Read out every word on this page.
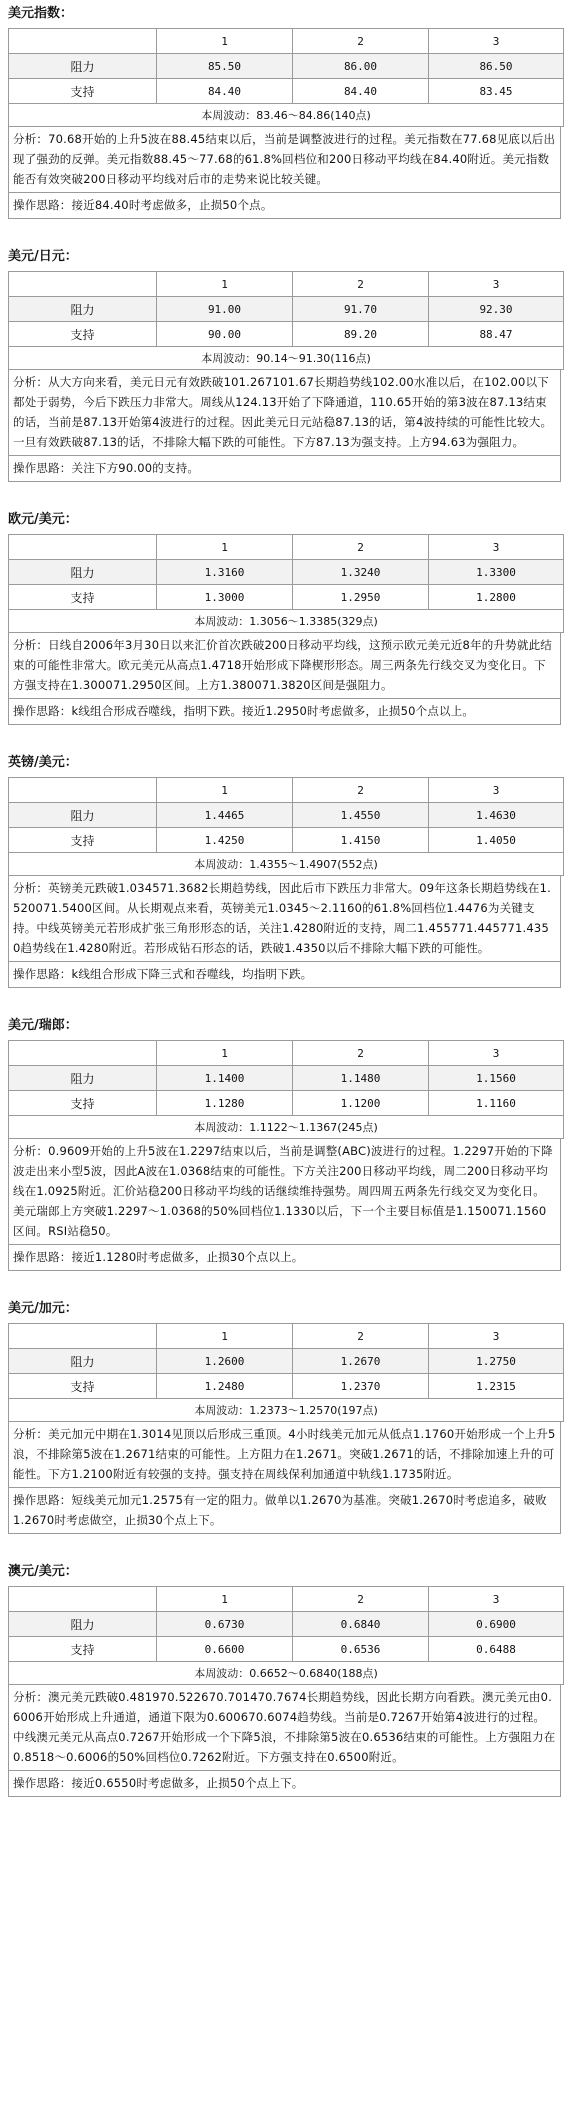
美元指数：
	1	2	3
阻力	85.50	86.00	86.50
支持	84.40	84.40	83.45
本周波动：83.46～84.86(140点)			
分析：70.68开始的上升5波在88.45结束以后，当前是调整波进行的过程。美元指数在77.68见底以后出现了强劲的反弹。美元指数88.45～77.68的61.8%回档位和200日移动平均线在84.40附近。美元指数能否有效突破200日移动平均线对后市的走势来说比较关键。
操作思路：接近84.40时考虑做多，止损50个点。
美元/日元：
	1	2	3
阻力	91.00	91.70	92.30
支持	90.00	89.20	88.47
本周波动：90.14～91.30(116点)			
分析：从大方向来看，美元日元有效跌破101.267101.67长期趋势线102.00水准以后，在102.00以下都处于弱势，今后下跌压力非常大。周线从124.13开始了下降通道，110.65开始的第3波在87.13结束的话，当前是87.13开始第4波进行的过程。因此美元日元站稳87.13的话，第4波持续的可能性比较大。一旦有效跌破87.13的话，不排除大幅下跌的可能性。下方87.13为强支持。上方94.63为强阻力。
操作思路：关注下方90.00的支持。
欧元/美元：
	1	2	3
阻力	1.3160	1.3240	1.3300
支持	1.3000	1.2950	1.2800
本周波动：1.3056～1.3385(329点)			
分析：日线自2006年3月30日以来汇价首次跌破200日移动平均线，这预示欧元美元近8年的升势就此结束的可能性非常大。欧元美元从高点1.4718开始形成下降楔形形态。周三两条先行线交叉为变化日。下方强支持在1.300071.2950区间。上方1.380071.3820区间是强阻力。
操作思路：k线组合形成吞噬线，指明下跌。接近1.2950时考虑做多，止损50个点以上。
英镑/美元：
	1	2	3
阻力	1.4465	1.4550	1.4630
支持	1.4250	1.4150	1.4050
本周波动：1.4355～1.4907(552点)			
分析：英镑美元跌破1.034571.3682长期趋势线，因此后市下跌压力非常大。09年这条长期趋势线在1.520071.5400区间。从长期观点来看，英镑美元1.0345～2.1160的61.8%回档位1.4476为关键支持。中线英镑美元若形成扩张三角形形态的话，关注1.4280附近的支持，周二1.455771.445771.4350趋势线在1.4280附近。若形成钻石形态的话，跌破1.4350以后不排除大幅下跌的可能性。
操作思路：k线组合形成下降三式和吞噬线，均指明下跌。
美元/瑞郎：
	1	2	3
阻力	1.1400	1.1480	1.1560
支持	1.1280	1.1200	1.1160
本周波动：1.1122～1.1367(245点)			
分析：0.9609开始的上升5波在1.2297结束以后，当前是调整(ABC)波进行的过程。1.2297开始的下降波走出来小型5波，因此A波在1.0368结束的可能性。下方关注200日移动平均线，周二200日移动平均线在1.0925附近。汇价站稳200日移动平均线的话继续维持强势。周四周五两条先行线交叉为变化日。美元瑞郎上方突破1.2297～1.0368的50%回档位1.1330以后，下一个主要目标值是1.150071.1560区间。RSI站稳50。
操作思路：接近1.1280时考虑做多，止损30个点以上。
美元/加元：
	1	2	3
阻力	1.2600	1.2670	1.2750
支持	1.2480	1.2370	1.2315
本周波动：1.2373～1.2570(197点)			
分析：美元加元中期在1.3014见顶以后形成三重顶。4小时线美元加元从低点1.1760开始形成一个上升5浪，不排除第5波在1.2671结束的可能性。上方阻力在1.2671。突破1.2671的话，不排除加速上升的可能性。下方1.2100附近有较强的支持。强支持在周线保利加通道中轨线1.1735附近。
操作思路：短线美元加元1.2575有一定的阻力。做单以1.2670为基准。突破1.2670时考虑追多，破败1.2670时考虑做空，止损30个点上下。
澳元/美元：
	1	2	3
阻力	0.6730	0.6840	0.6900
支持	0.6600	0.6536	0.6488
本周波动：0.6652～0.6840(188点)			
分析：澳元美元跌破0.481970.522670.701470.7674长期趋势线，因此长期方向看跌。澳元美元由0.6006开始形成上升通道，通道下限为0.600670.6074趋势线。当前是0.7267开始第4波进行的过程。中线澳元美元从高点0.7267开始形成一个下降5浪，不排除第5波在0.6536结束的可能性。上方强阻力在0.8518～0.6006的50%回档位0.7262附近。下方强支持在0.6500附近。
操作思路：接近0.6550时考虑做多，止损50个点上下。
